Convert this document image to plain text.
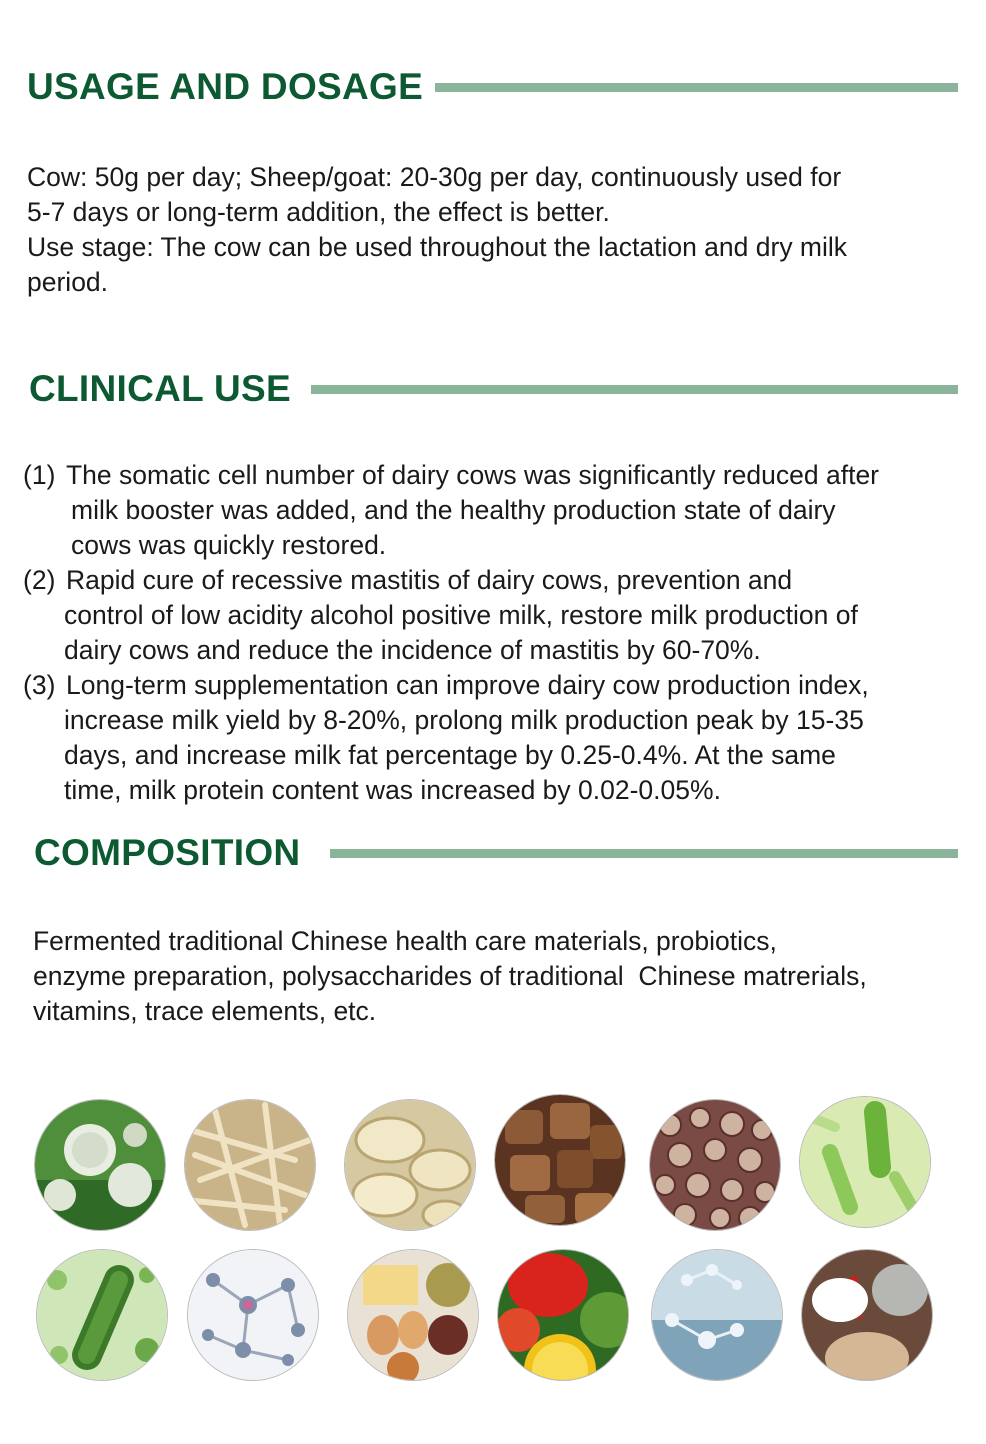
USAGE AND DOSAGE

Cow: 50g per day; Sheep/goat: 20-30g per day, continuously used for

5-7 days or long-term addition, the effect is better.

Use stage: The cow can be used throughout the lactation and dry milk

period.

CLINICAL USE
(1) The somatic cell number of dairy cows was significantly reduced after

milk booster was added, and the healthy production state of dairy

cows was quickly restored.

(2) Rapid cure of recessive mastitis of dairy cows, prevention and

control of low acidity alcohol positive milk, restore milk production of

dairy cows and reduce the incidence of mastitis by 60-70%.

(3) Long-term supplementation can improve dairy cow production index,

increase milk yield by 8-20%, prolong milk production peak by 15-35

days, and increase milk fat percentage by 0.25-0.4%. At the same

time, milk protein content was increased by 0.02-0.05%.

COMPOSITION

Fermented traditional Chinese health care materials, probiotics,

enzyme preparation, polysaccharides of traditional  Chinese matrerials,

vitamins, trace elements, etc.
